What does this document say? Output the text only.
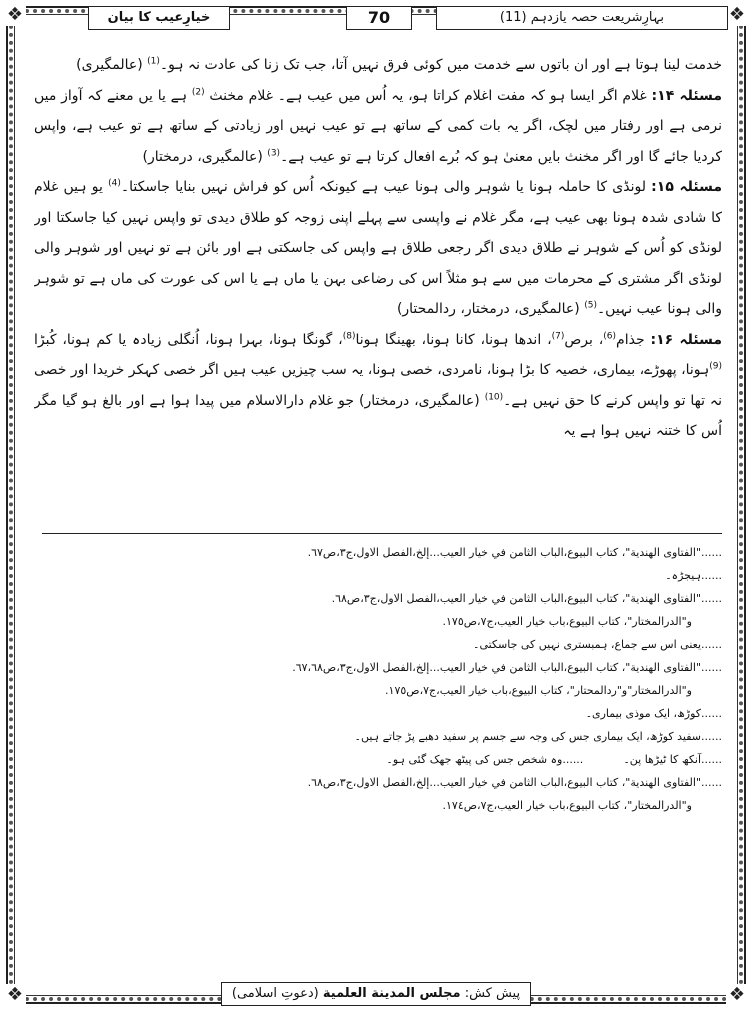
❖	❖
❖	❖
بہارِشریعت حصہ یازدہم (11)
70
خیارِعیب کا بیان

خدمت لینا ہوتا ہے اور ان باتوں سے خدمت میں کوئی فرق نہیں آتا، جب تک زنا کی عادت نہ ہو۔$^{(1)}$ (عالمگیری)

مسئلہ ۱۴: غلام اگر ایسا ہو کہ مفت اغلام کراتا ہو، یہ اُس میں عیب ہے۔ غلام مخنث $^{(2)}$ ہے یا یں معنے کہ آواز میں نرمی ہے اور رفتار میں لچک، اگر یہ بات کمی کے ساتھ ہے تو عیب نہیں اور زیادتی کے ساتھ ہے تو عیب ہے، واپس کردیا جائے گا اور اگر مخنث بایں معنیٰ ہو کہ بُرے افعال کرتا ہے تو عیب ہے۔$^{(3)}$ (عالمگیری، درمختار)

مسئلہ ۱۵: لونڈی کا حاملہ ہونا یا شوہر والی ہونا عیب ہے کیونکہ اُس کو فراش نہیں بنایا جاسکتا۔$^{(4)}$ یو ہیں غلام کا شادی شدہ ہونا بھی عیب ہے، مگر غلام نے واپسی سے پہلے اپنی زوجہ کو طلاق دیدی تو واپس نہیں کیا جاسکتا اور لونڈی کو اُس کے شوہر نے طلاق دیدی اگر رجعی طلاق ہے واپس کی جاسکتی ہے اور بائن ہے تو نہیں اور شوہر والی لونڈی اگر مشتری کے محرمات میں سے ہو مثلاً اس کی رضاعی بہن یا ماں ہے یا اس کی عورت کی ماں ہے تو شوہر والی ہونا عیب نہیں۔$^{(5)}$ (عالمگیری، درمختار، ردالمحتار)

مسئلہ ۱۶: جذام$^{(6)}$، برص$^{(7)}$، اندھا ہونا، کانا ہونا، بھینگا ہونا$^{(8)}$، گونگا ہونا، بہرا ہونا، اُنگلی زیادہ یا کم ہونا، کُبڑا $^{(9)}$ہونا، پھوڑے، بیماری، خصیہ کا بڑا ہونا، نامردی، خصی ہونا، یہ سب چیزیں عیب ہیں اگر خصی کہکر خریدا اور خصی نہ تھا تو واپس کرنے کا حق نہیں ہے۔$^{(10)}$ (عالمگیری، درمختار) جو غلام دارالاسلام میں پیدا ہوا ہے اور بالغ ہو گیا مگر اُس کا ختنہ نہیں ہوا ہے یہ

......"الفتاوی الهندية"، كتاب البيوع،الباب الثامن في خيار العيب...إلخ،الفصل الاول،ج٣،ص٦٧.
......ہیجڑہ۔
......"الفتاوی الهندية"، كتاب البيوع،الباب الثامن في خيار العيب،الفصل الاول،ج٣،ص٦٨.
و"الدرالمختار"، كتاب البيوع،باب خيار العيب،ج٧،ص١٧٥.
......یعنی اس سے جماع، ہمبستری نہیں کی جاسکتی۔
......"الفتاوی الهندية"، كتاب البيوع،الباب الثامن في خيار العيب...إلخ،الفصل الاول،ج٣،ص٦٧،٦٨.
و"الدرالمختار"و"ردالمحتار"، كتاب البيوع،باب خيار العيب،ج٧،ص١٧٥.
......کوڑھ، ایک موذی بیماری۔
......سفید کوڑھ، ایک بیماری جس کی وجہ سے جسم پر سفید دھبے پڑ جاتے ہیں۔
......آنکھ کا ٹیڑھا پن۔
......وہ شخص جس کی پیٹھ جھک گئی ہو۔
......"الفتاوی الهندية"، كتاب البيوع،الباب الثامن في خيار العيب...إلخ،الفصل الاول،ج٣،ص٦٨.
و"الدرالمختار"، كتاب البيوع،باب خيار العيب،ج٧،ص١٧٤.
پیش کش: مجلس المدينة العلمية (دعوتِ اسلامی)
